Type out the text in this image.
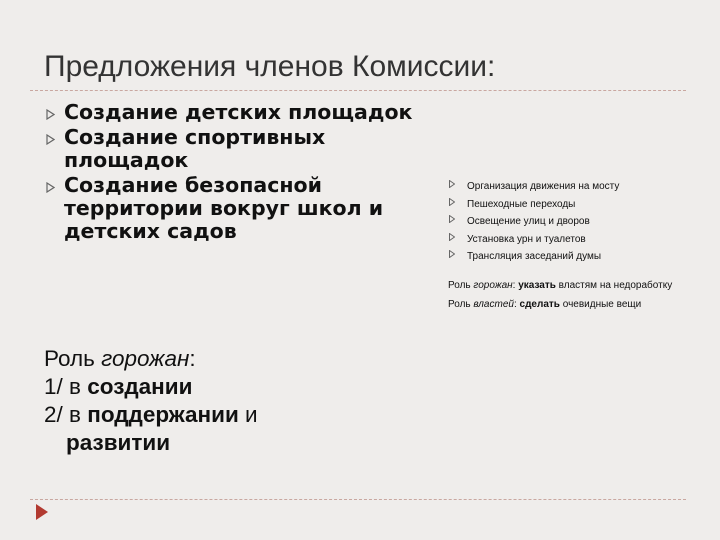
Предложения членов Комиссии:
Создание детских площадок
Создание спортивных площадок
Создание безопасной территории вокруг школ и детских садов
Организация движения на мосту
Пешеходные переходы
Освещение улиц и дворов
Установка урн и туалетов
Трансляция заседаний думы
Роль горожан: указать властям на недоработку
Роль властей: сделать очевидные вещи
Роль горожан:
1/ в создании
2/ в поддержании и
развитии
